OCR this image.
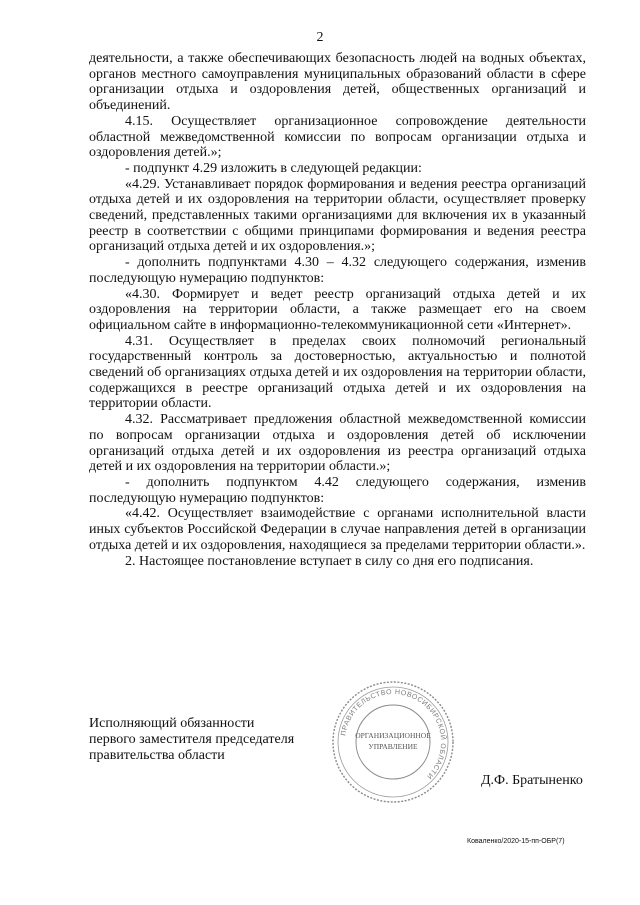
2

деятельности, а также обеспечивающих безопасность людей на водных объектах, органов местного самоуправления муниципальных образований области в сфере организации отдыха и оздоровления детей, общественных организаций и объединений.

4.15. Осуществляет организационное сопровождение деятельности областной межведомственной комиссии по вопросам организации отдыха и оздоровления детей.»;

- подпункт 4.29 изложить в следующей редакции:

«4.29. Устанавливает порядок формирования и ведения реестра организаций отдыха детей и их оздоровления на территории области, осуществляет проверку сведений, представленных такими организациями для включения их в указанный реестр в соответствии с общими принципами формирования и ведения реестра организаций отдыха детей и их оздоровления.»;

- дополнить подпунктами 4.30 – 4.32 следующего содержания, изменив последующую нумерацию подпунктов:

«4.30. Формирует и ведет реестр организаций отдыха детей и их оздоровления на территории области, а также размещает его на своем официальном сайте в информационно-телекоммуникационной сети «Интернет».

4.31. Осуществляет в пределах своих полномочий региональный государственный контроль за достоверностью, актуальностью и полнотой сведений об организациях отдыха детей и их оздоровления на территории области, содержащихся в реестре организаций отдыха детей и их оздоровления на территории области.

4.32. Рассматривает предложения областной межведомственной комиссии по вопросам организации отдыха и оздоровления детей об исключении организаций отдыха детей и их оздоровления из реестра организаций отдыха детей и их оздоровления на территории области.»;

- дополнить подпунктом 4.42 следующего содержания, изменив последующую нумерацию подпунктов:

«4.42. Осуществляет взаимодействие с органами исполнительной власти иных субъектов Российской Федерации в случае направления детей в организации отдыха детей и их оздоровления, находящиеся за пределами территории области.».

2. Настоящее постановление вступает в силу со дня его подписания.

Исполняющий обязанности
первого заместителя председателя
правительства области
ПРАВИТЕЛЬСТВО НОВОСИБИРСКОЙ ОБЛАСТИ
ОРГАНИЗАЦИОННОЕ
УПРАВЛЕНИЕ
Д.Ф. Братыненко
Коваленко/2020-15-пп-ОБР(7)
